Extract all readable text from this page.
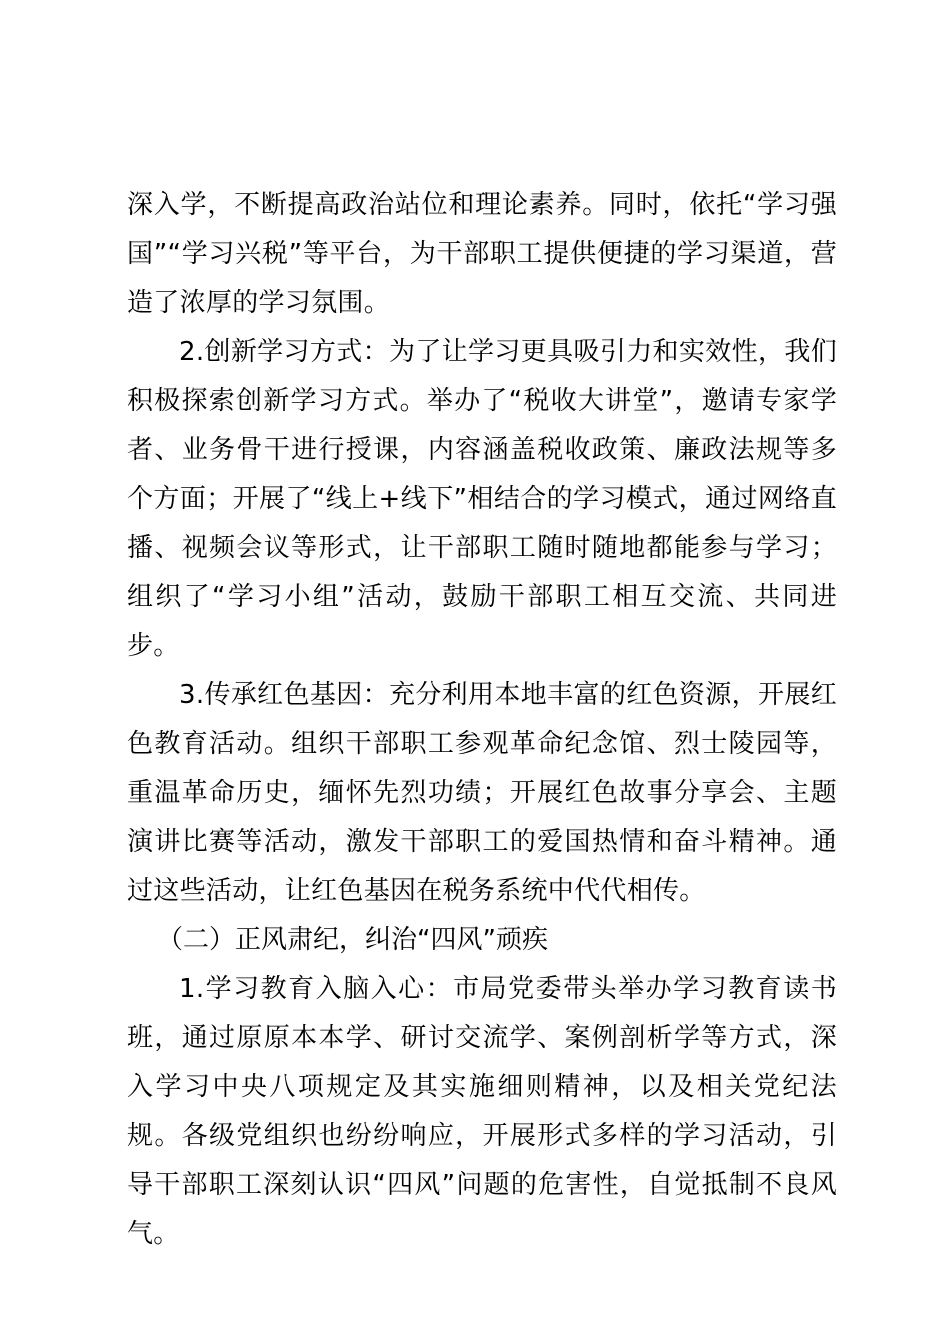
深入学，不断提高政治站位和理论素养。同时，依托“学习强国”“学习兴税”等平台，为干部职工提供便捷的学习渠道，营造了浓厚的学习氛围。

2.创新学习方式：为了让学习更具吸引力和实效性，我们积极探索创新学习方式。举办了“税收大讲堂”，邀请专家学者、业务骨干进行授课，内容涵盖税收政策、廉政法规等多个方面；开展了“线上+线下”相结合的学习模式，通过网络直播、视频会议等形式，让干部职工随时随地都能参与学习；组织了“学习小组”活动，鼓励干部职工相互交流、共同进步。

3.传承红色基因：充分利用本地丰富的红色资源，开展红色教育活动。组织干部职工参观革命纪念馆、烈士陵园等，重温革命历史，缅怀先烈功绩；开展红色故事分享会、主题演讲比赛等活动，激发干部职工的爱国热情和奋斗精神。通过这些活动，让红色基因在税务系统中代代相传。

（二）正风肃纪，纠治“四风”顽疾

1.学习教育入脑入心：市局党委带头举办学习教育读书班，通过原原本本学、研讨交流学、案例剖析学等方式，深入学习中央八项规定及其实施细则精神，以及相关党纪法规。各级党组织也纷纷响应，开展形式多样的学习活动，引导干部职工深刻认识“四风”问题的危害性，自觉抵制不良风气。
